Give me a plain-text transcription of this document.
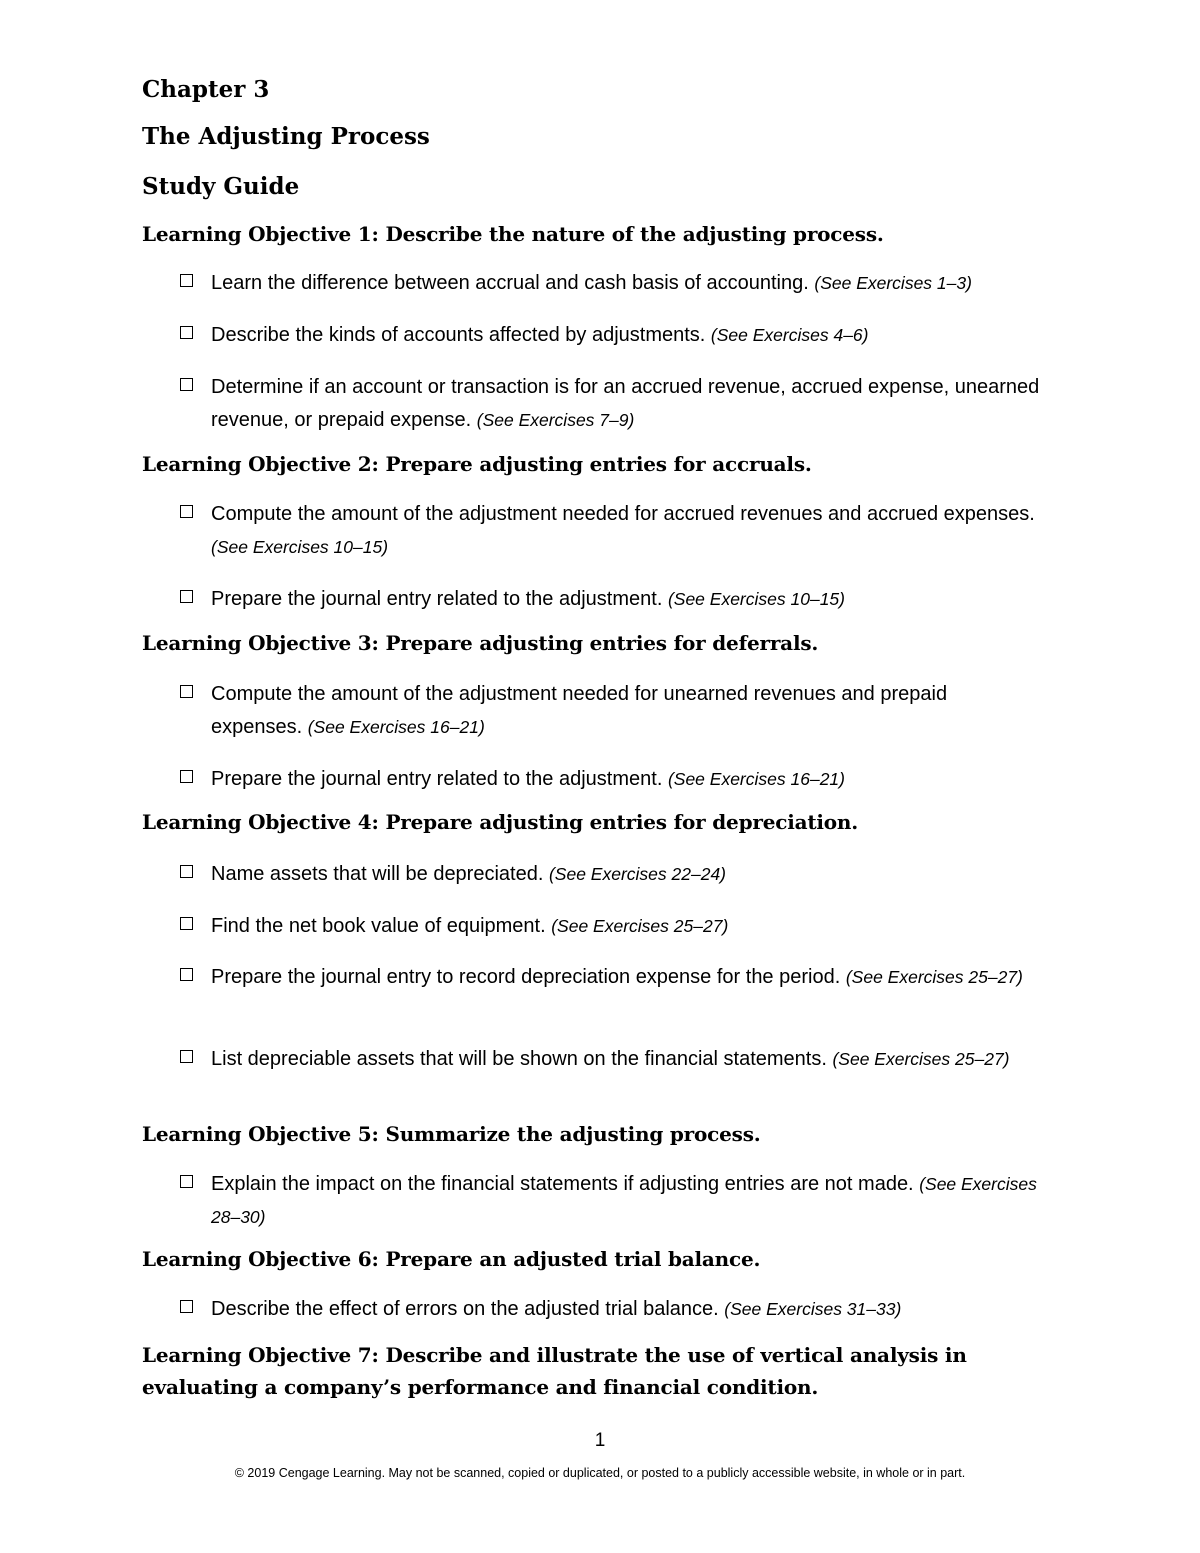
Chapter 3
The Adjusting Process
Study Guide
Learning Objective 1: Describe the nature of the adjusting process.
Learn the difference between accrual and cash basis of accounting. (See Exercises 1–3)
Describe the kinds of accounts affected by adjustments. (See Exercises 4–6)
Determine if an account or transaction is for an accrued revenue, accrued expense, unearned revenue, or prepaid expense. (See Exercises 7–9)
Learning Objective 2: Prepare adjusting entries for accruals.
Compute the amount of the adjustment needed for accrued revenues and accrued expenses. (See Exercises 10–15)
Prepare the journal entry related to the adjustment. (See Exercises 10–15)
Learning Objective 3: Prepare adjusting entries for deferrals.
Compute the amount of the adjustment needed for unearned revenues and prepaid expenses. (See Exercises 16–21)
Prepare the journal entry related to the adjustment. (See Exercises 16–21)
Learning Objective 4: Prepare adjusting entries for depreciation.
Name assets that will be depreciated. (See Exercises 22–24)
Find the net book value of equipment. (See Exercises 25–27)
Prepare the journal entry to record depreciation expense for the period. (See Exercises 25–27)
List depreciable assets that will be shown on the financial statements. (See Exercises 25–27)
Learning Objective 5: Summarize the adjusting process.
Explain the impact on the financial statements if adjusting entries are not made. (See Exercises 28–30)
Learning Objective 6: Prepare an adjusted trial balance.
Describe the effect of errors on the adjusted trial balance. (See Exercises 31–33)
Learning Objective 7: Describe and illustrate the use of vertical analysis in evaluating a company’s performance and financial condition.
1
© 2019 Cengage Learning. May not be scanned, copied or duplicated, or posted to a publicly accessible website, in whole or in part.
